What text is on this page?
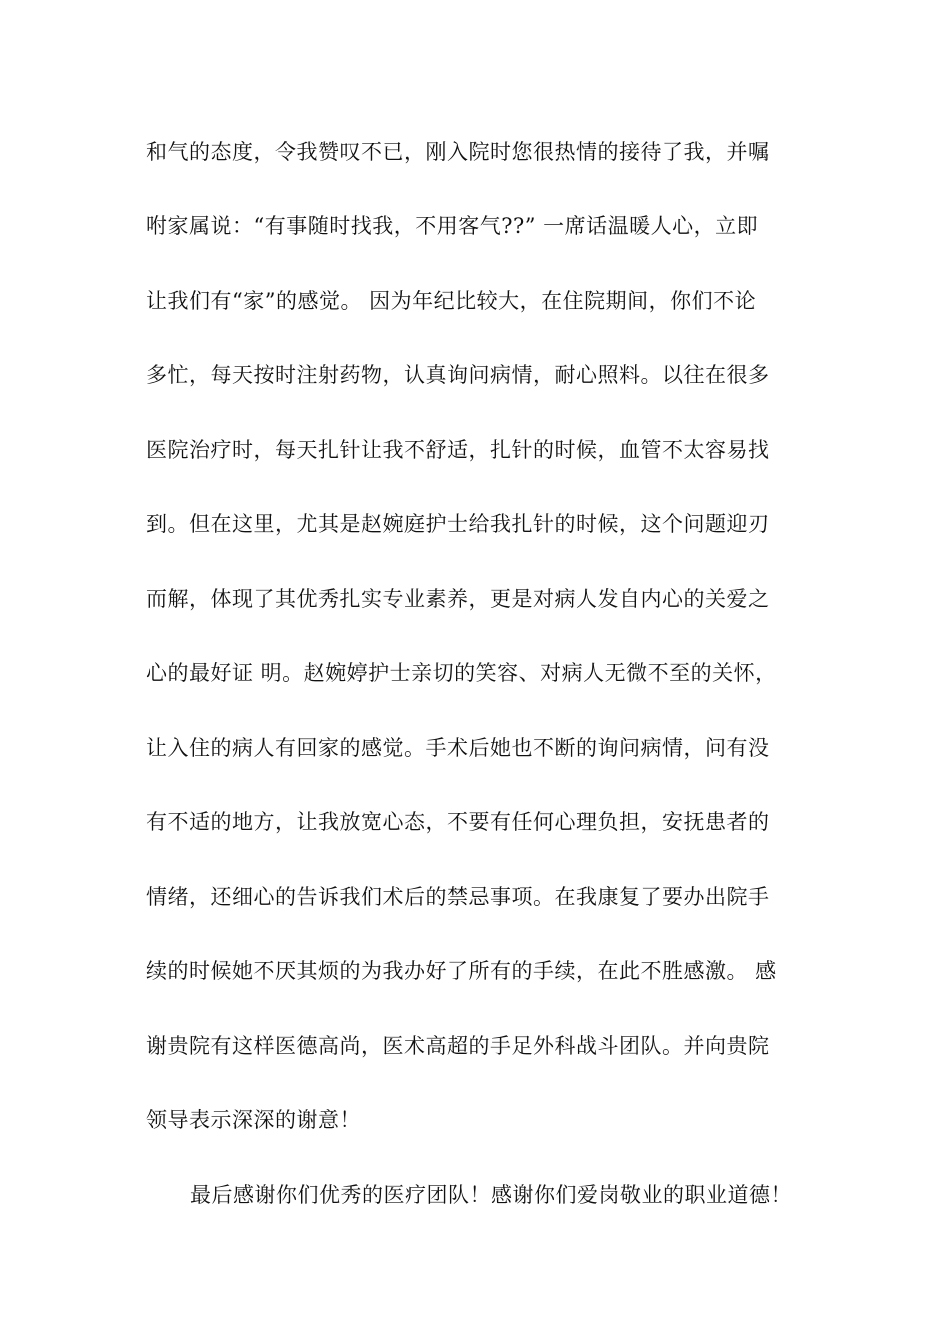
和气的态度，令我赞叹不已，刚入院时您很热情的接待了我，并嘱
咐家属说：“有事随时找我，不用客气??” 一席话温暖人心，立即
让我们有“家”的感觉。 因为年纪比较大，在住院期间，你们不论
多忙，每天按时注射药物，认真询问病情，耐心照料。以往在很多
医院治疗时，每天扎针让我不舒适，扎针的时候，血管不太容易找
到。但在这里，尤其是赵婉庭护士给我扎针的时候，这个问题迎刃
而解，体现了其优秀扎实专业素养，更是对病人发自内心的关爱之
心的最好证 明。赵婉婷护士亲切的笑容、对病人无微不至的关怀，
让入住的病人有回家的感觉。手术后她也不断的询问病情，问有没
有不适的地方，让我放宽心态，不要有任何心理负担，安抚患者的
情绪，还细心的告诉我们术后的禁忌事项。在我康复了要办出院手
续的时候她不厌其烦的为我办好了所有的手续，在此不胜感激。 感
谢贵院有这样医德高尚，医术高超的手足外科战斗团队。并向贵院
领导表示深深的谢意！
最后感谢你们优秀的医疗团队！感谢你们爱岗敬业的职业道德！
